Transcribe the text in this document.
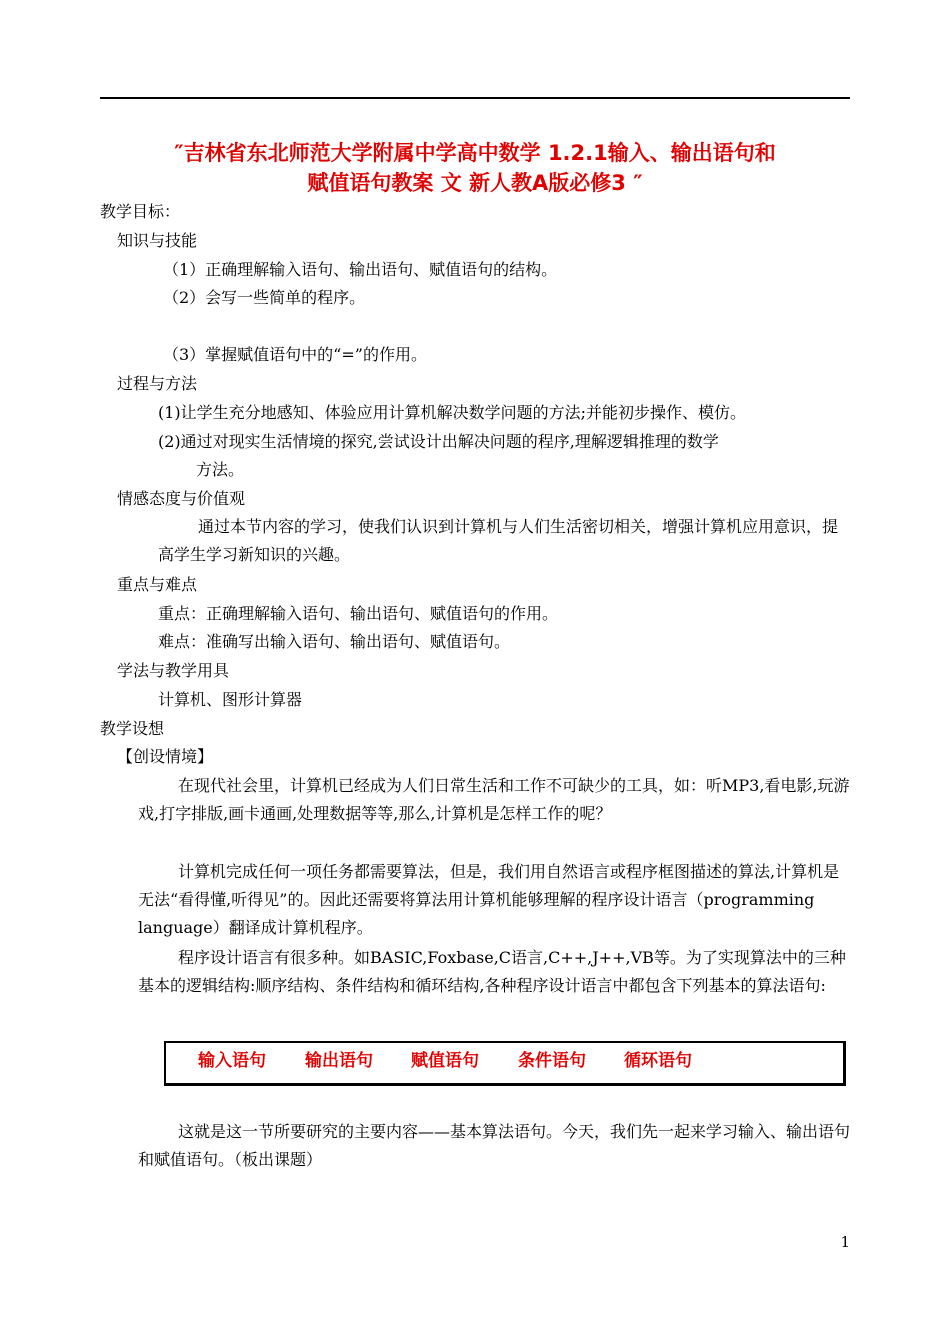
″吉林省东北师范大学附属中学高中数学 1.2.1输入、输出语句和
赋值语句教案 文 新人教A版必修3 ″
教学目标：
知识与技能
（1）正确理解输入语句、输出语句、赋值语句的结构。
（2）会写一些简单的程序。
（3）掌握赋值语句中的“=”的作用。
过程与方法
(1)让学生充分地感知、体验应用计算机解决数学问题的方法;并能初步操作、模仿。
(2)通过对现实生活情境的探究,尝试设计出解决问题的程序,理解逻辑推理的数学
方法。
情感态度与价值观
通过本节内容的学习，使我们认识到计算机与人们生活密切相关，增强计算机应用意识，提高学生学习新知识的兴趣。
重点与难点
重点：正确理解输入语句、输出语句、赋值语句的作用。
难点：准确写出输入语句、输出语句、赋值语句。
学法与教学用具
计算机、图形计算器
教学设想
【创设情境】
在现代社会里，计算机已经成为人们日常生活和工作不可缺少的工具，如：听MP3,看电影,玩游戏,打字排版,画卡通画,处理数据等等,那么,计算机是怎样工作的呢？
计算机完成任何一项任务都需要算法，但是，我们用自然语言或程序框图描述的算法,计算机是无法“看得懂,听得见”的。因此还需要将算法用计算机能够理解的程序设计语言（programming language）翻译成计算机程序。
程序设计语言有很多种。如BASIC,Foxbase,C语言,C++,J++,VB等。为了实现算法中的三种基本的逻辑结构:顺序结构、条件结构和循环结构,各种程序设计语言中都包含下列基本的算法语句:
输入语句 输出语句 赋值语句 条件语句 循环语句
这就是这一节所要研究的主要内容——基本算法语句。今天，我们先一起来学习输入、输出语句和赋值语句。（板出课题）
1
